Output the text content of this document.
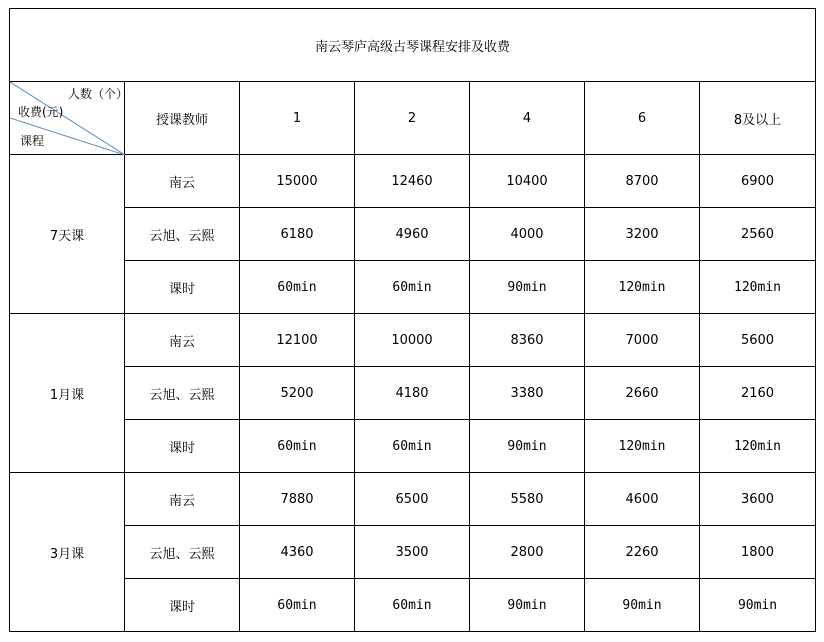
南云琴庐高级古琴课程安排及收费						

人数（个）
收费(元)
课程	授课教师	1	2	4	6	8及以上
7天课	南云	15000	12460	10400	8700	6900
	云旭、云熙	6180	4960	4000	3200	2560
	课时	60min	60min	90min	120min	120min
1月课	南云	12100	10000	8360	7000	5600
	云旭、云熙	5200	4180	3380	2660	2160
	课时	60min	60min	90min	120min	120min
3月课	南云	7880	6500	5580	4600	3600
	云旭、云熙	4360	3500	2800	2260	1800
	课时	60min	60min	90min	90min	90min
